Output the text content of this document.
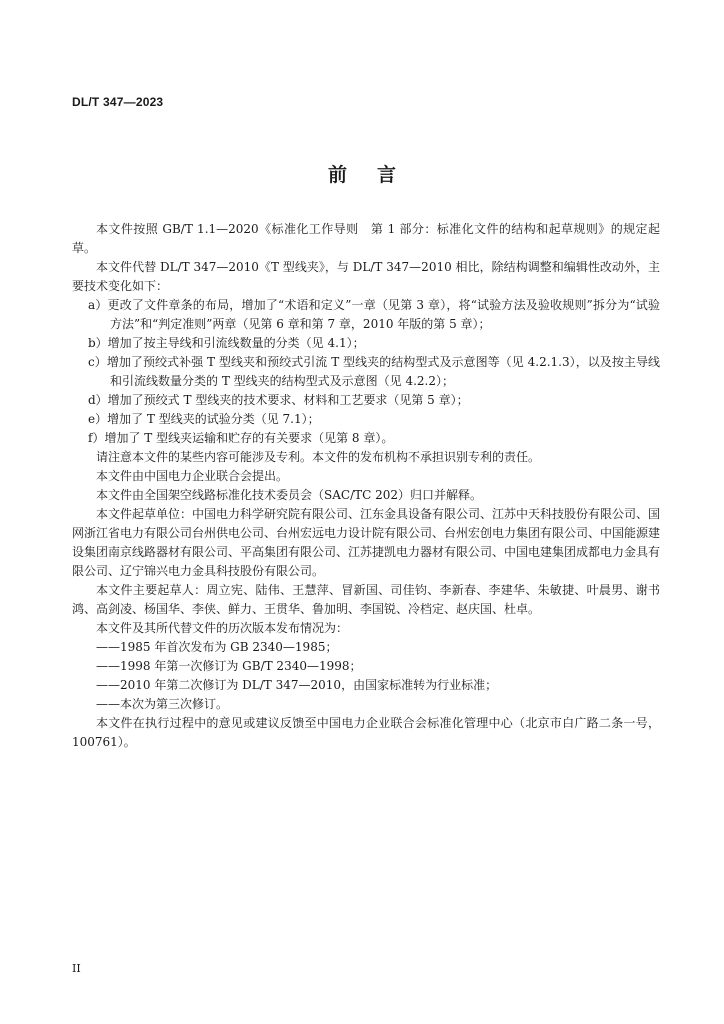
DL/T 347—2023
前言

本文件按照 GB/T 1.1—2020《标准化工作导则　第 1 部分：标准化文件的结构和起草规则》的规定起草。

本文件代替 DL/T 347—2010《T 型线夹》，与 DL/T 347—2010 相比，除结构调整和编辑性改动外，主要技术变化如下：

a）更改了文件章条的布局，增加了“术语和定义”一章（见第 3 章），将“试验方法及验收规则”拆分为“试验方法”和“判定准则”两章（见第 6 章和第 7 章，2010 年版的第 5 章）；

b）增加了按主导线和引流线数量的分类（见 4.1）；

c）增加了预绞式补强 T 型线夹和预绞式引流 T 型线夹的结构型式及示意图等（见 4.2.1.3），以及按主导线和引流线数量分类的 T 型线夹的结构型式及示意图（见 4.2.2）；

d）增加了预绞式 T 型线夹的技术要求、材料和工艺要求（见第 5 章）；

e）增加了 T 型线夹的试验分类（见 7.1）；

f）增加了 T 型线夹运输和贮存的有关要求（见第 8 章）。

请注意本文件的某些内容可能涉及专利。本文件的发布机构不承担识别专利的责任。

本文件由中国电力企业联合会提出。

本文件由全国架空线路标准化技术委员会（SAC/TC 202）归口并解释。

本文件起草单位：中国电力科学研究院有限公司、江东金具设备有限公司、江苏中天科技股份有限公司、国网浙江省电力有限公司台州供电公司、台州宏远电力设计院有限公司、台州宏创电力集团有限公司、中国能源建设集团南京线路器材有限公司、平高集团有限公司、江苏捷凯电力器材有限公司、中国电建集团成都电力金具有限公司、辽宁锦兴电力金具科技股份有限公司。

本文件主要起草人：周立宪、陆伟、王慧萍、冒新国、司佳钧、李新春、李建华、朱敏捷、叶晨男、谢书鸿、高剑凌、杨国华、李侠、鲜力、王贯华、鲁加明、李国锐、冷档定、赵庆国、杜卓。

本文件及其所代替文件的历次版本发布情况为：

——1985 年首次发布为 GB 2340—1985；

——1998 年第一次修订为 GB/T 2340—1998；

——2010 年第二次修订为 DL/T 347—2010，由国家标准转为行业标准；

——本次为第三次修订。

本文件在执行过程中的意见或建议反馈至中国电力企业联合会标准化管理中心（北京市白广路二条一号，100761）。

II
